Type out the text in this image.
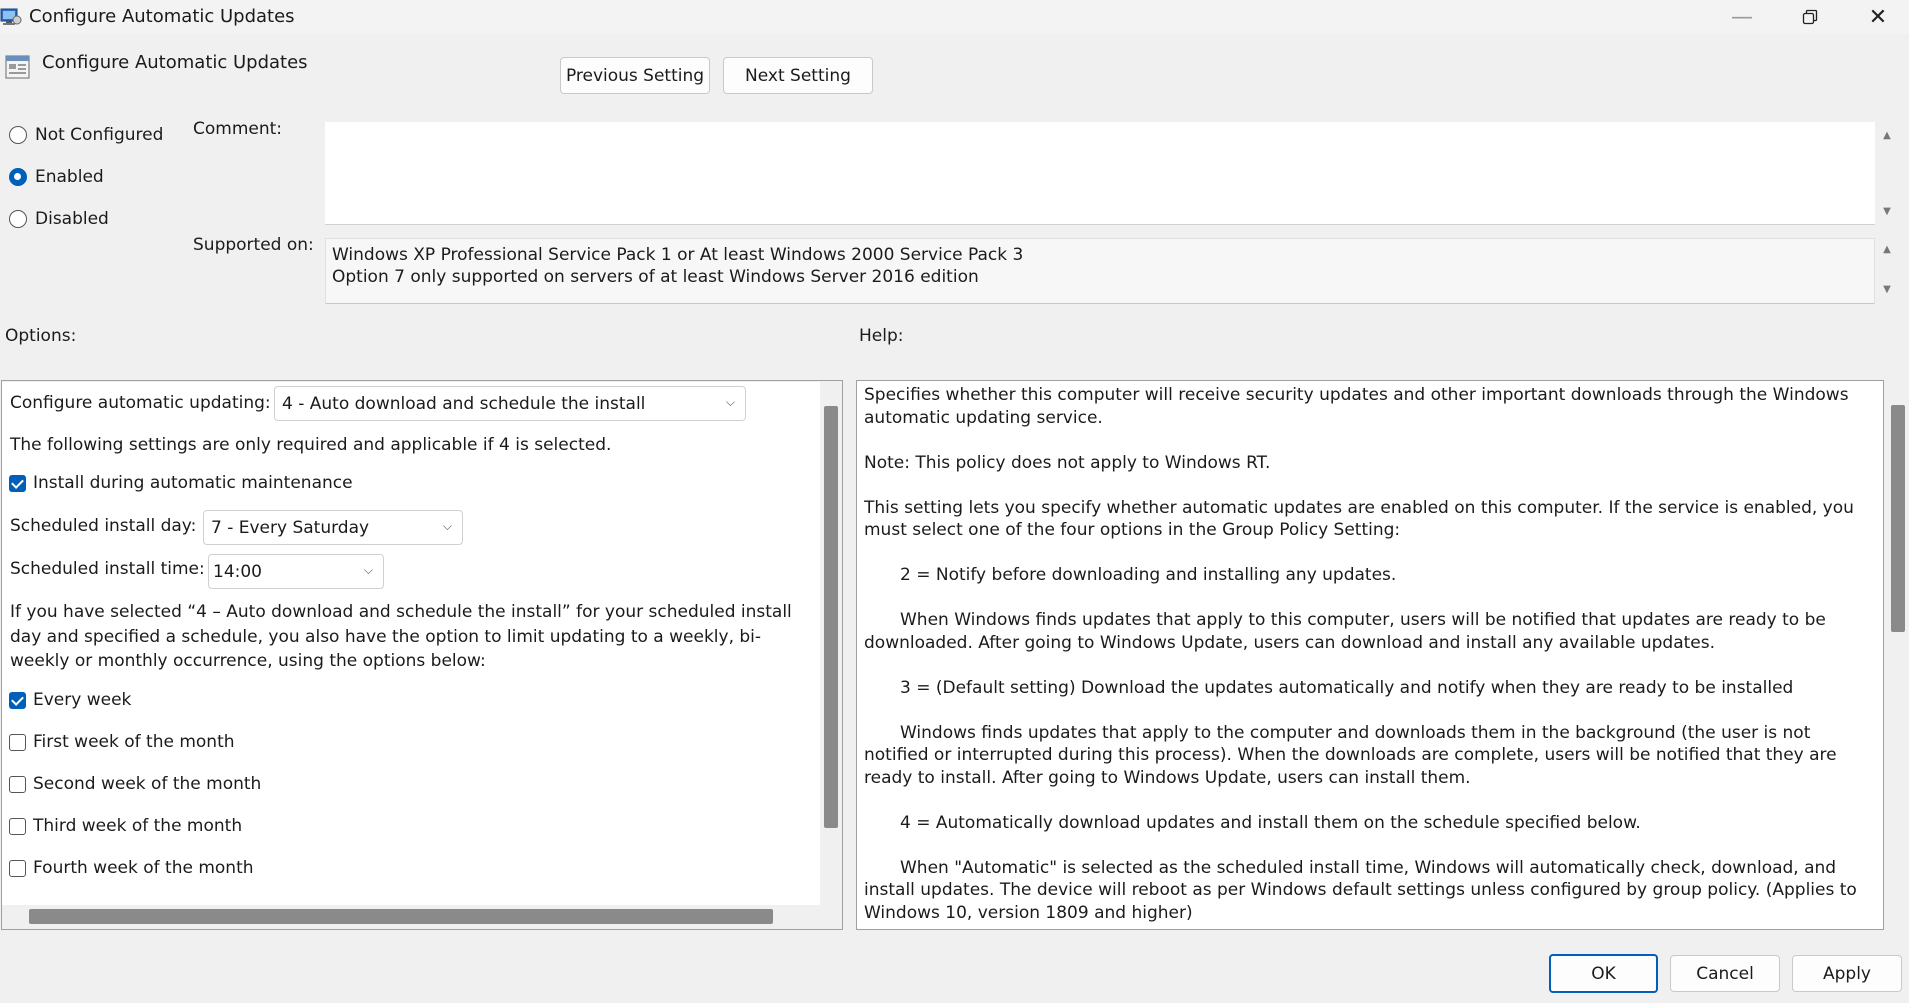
Configure Automatic Updates	—	✕
Configure Automatic Updates
Previous Setting	Next Setting
Not Configured
Enabled
Disabled
Comment:	▲
▼
Supported on: Windows XP Professional Service Pack 1 or At least Windows 2000 Service Pack 3
Option 7 only supported on servers of at least Windows Server 2016 edition
▲
▼
Options:	Help:
Configure automatic updating: 4 - Auto download and schedule the install	⌵
The following settings are only required and applicable if 4 is selected.
Install during automatic maintenance
Scheduled install day: 7 - Every Saturday	⌵
Scheduled install time: 14:00	⌵
If you have selected “4 – Auto download and schedule the install” for your scheduled install day and specified a schedule, you also have the option to limit updating to a weekly, bi-weekly or monthly occurrence, using the options below:
Every week
First week of the month
Second week of the month
Third week of the month
Fourth week of the month

Specifies whether this computer will receive security updates and other important downloads through the Windows automatic updating service.

Note: This policy does not apply to Windows RT.

This setting lets you specify whether automatic updates are enabled on this computer. If the service is enabled, you must select one of the four options in the Group Policy Setting:

2 = Notify before downloading and installing any updates.

When Windows finds updates that apply to this computer, users will be notified that updates are ready to be downloaded. After going to Windows Update, users can download and install any available updates.

3 = (Default setting) Download the updates automatically and notify when they are ready to be installed

Windows finds updates that apply to the computer and downloads them in the background (the user is not notified or interrupted during this process). When the downloads are complete, users will be notified that they are ready to install. After going to Windows Update, users can install them.

4 = Automatically download updates and install them on the schedule specified below.

When "Automatic" is selected as the scheduled install time, Windows will automatically check, download, and install updates. The device will reboot as per Windows default settings unless configured by group policy. (Applies to Windows 10, version 1809 and higher)

OK	Cancel	Apply
